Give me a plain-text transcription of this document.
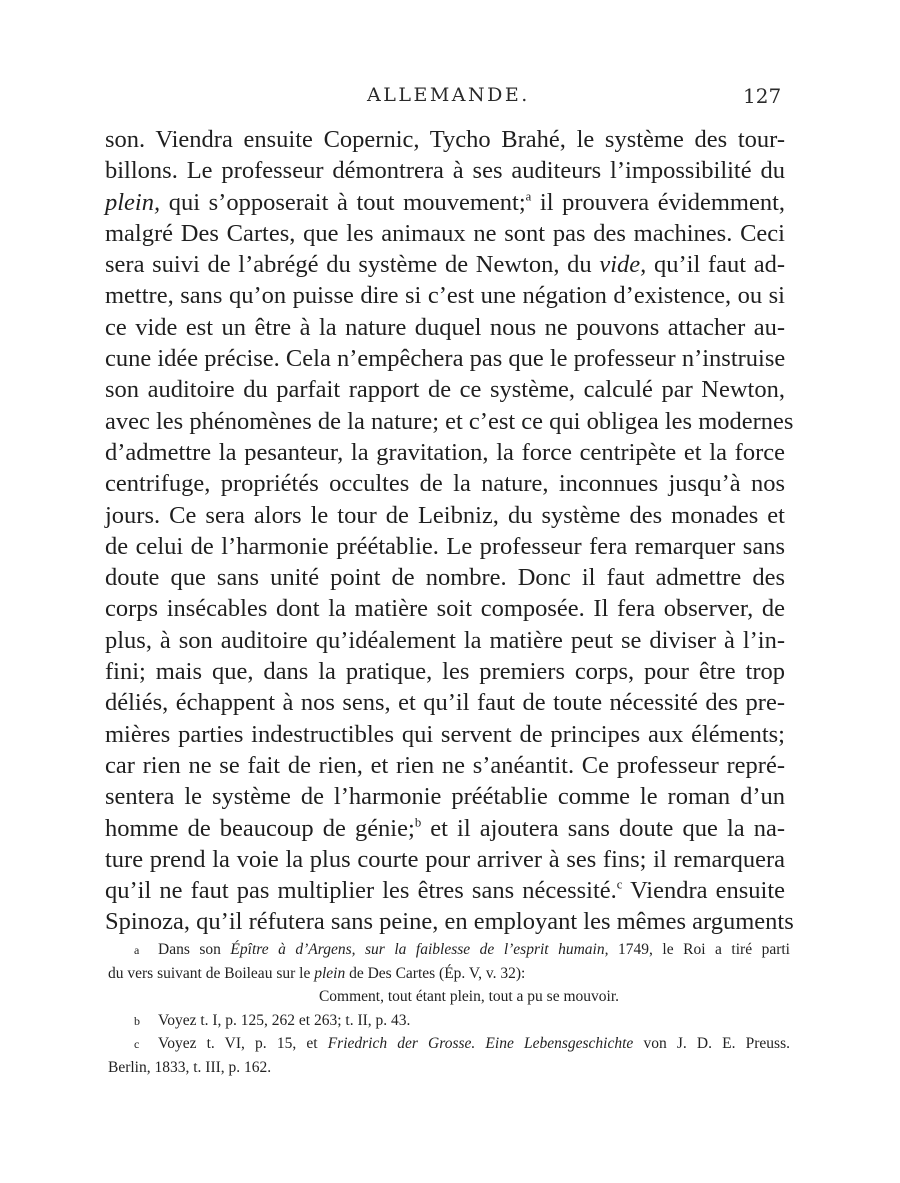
ALLEMANDE.	127
son. Viendra ensuite Copernic, Tycho Brahé, le système des tour-
billons. Le professeur démontrera à ses auditeurs l’impossibilité du
plein, qui s’opposerait à tout mouvement;$^a$ il prouvera évidemment,
malgré Des Cartes, que les animaux ne sont pas des machines. Ceci
sera suivi de l’abrégé du système de Newton, du vide, qu’il faut ad-
mettre, sans qu’on puisse dire si c’est une négation d’existence, ou si
ce vide est un être à la nature duquel nous ne pouvons attacher au-
cune idée précise. Cela n’empêchera pas que le professeur n’instruise
son auditoire du parfait rapport de ce système, calculé par Newton,
avec les phénomènes de la nature; et c’est ce qui obligea les modernes
d’admettre la pesanteur, la gravitation, la force centripète et la force
centrifuge, propriétés occultes de la nature, inconnues jusqu’à nos
jours. Ce sera alors le tour de Leibniz, du système des monades et
de celui de l’harmonie préétablie. Le professeur fera remarquer sans
doute que sans unité point de nombre. Donc il faut admettre des
corps insécables dont la matière soit composée. Il fera observer, de
plus, à son auditoire qu’idéalement la matière peut se diviser à l’in-
fini; mais que, dans la pratique, les premiers corps, pour être trop
déliés, échappent à nos sens, et qu’il faut de toute nécessité des pre-
mières parties indestructibles qui servent de principes aux éléments;
car rien ne se fait de rien, et rien ne s’anéantit. Ce professeur repré-
sentera le système de l’harmonie préétablie comme le roman d’un
homme de beaucoup de génie;$^b$ et il ajoutera sans doute que la na-
ture prend la voie la plus courte pour arriver à ses fins; il remarquera
qu’il ne faut pas multiplier les êtres sans nécessité.$^c$ Viendra ensuite
Spinoza, qu’il réfutera sans peine, en employant les mêmes arguments
a Dans son Épître à d’Argens, sur la faiblesse de l’esprit humain, 1749, le Roi a tiré parti
du vers suivant de Boileau sur le plein de Des Cartes (Ép. V, v. 32):
Comment, tout étant plein, tout a pu se mouvoir.
b Voyez t. I, p. 125, 262 et 263; t. II, p. 43.
c Voyez t. VI, p. 15, et Friedrich der Grosse. Eine Lebensgeschichte von J. D. E. Preuss.
Berlin, 1833, t. III, p. 162.
